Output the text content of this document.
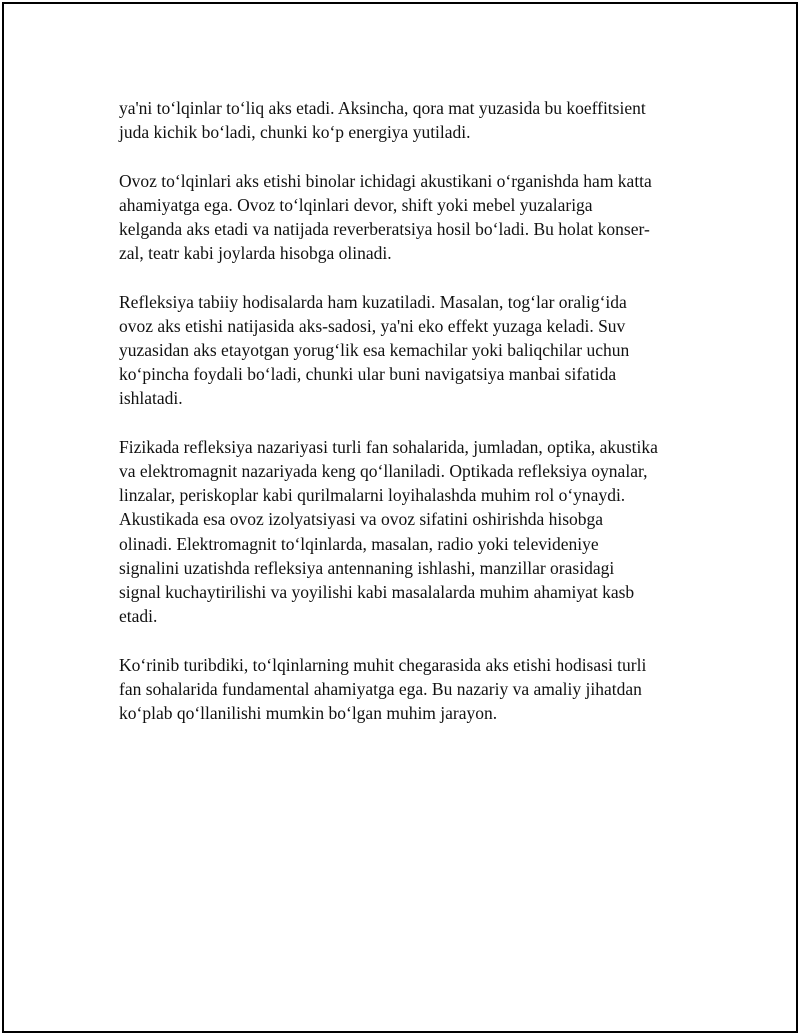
ya'ni to‘lqinlar to‘liq aks etadi. Aksincha, qora mat yuzasida bu koeffitsient
juda kichik bo‘ladi, chunki ko‘p energiya yutiladi.

Ovoz to‘lqinlari aks etishi binolar ichidagi akustikani o‘rganishda ham katta
ahamiyatga ega. Ovoz to‘lqinlari devor, shift yoki mebel yuzalariga
kelganda aks etadi va natijada reverberatsiya hosil bo‘ladi. Bu holat konser-
zal, teatr kabi joylarda hisobga olinadi.

Refleksiya tabiiy hodisalarda ham kuzatiladi. Masalan, tog‘lar oralig‘ida
ovoz aks etishi natijasida aks-sadosi, ya'ni eko effekt yuzaga keladi. Suv
yuzasidan aks etayotgan yorug‘lik esa kemachilar yoki baliqchilar uchun
ko‘pincha foydali bo‘ladi, chunki ular buni navigatsiya manbai sifatida
ishlatadi.

Fizikada refleksiya nazariyasi turli fan sohalarida, jumladan, optika, akustika
va elektromagnit nazariyada keng qo‘llaniladi. Optikada refleksiya oynalar,
linzalar, periskoplar kabi qurilmalarni loyihalashda muhim rol o‘ynaydi.
Akustikada esa ovoz izolyatsiyasi va ovoz sifatini oshirishda hisobga
olinadi. Elektromagnit to‘lqinlarda, masalan, radio yoki televideniye
signalini uzatishda refleksiya antennaning ishlashi, manzillar orasidagi
signal kuchaytirilishi va yoyilishi kabi masalalarda muhim ahamiyat kasb
etadi.

Ko‘rinib turibdiki, to‘lqinlarning muhit chegarasida aks etishi hodisasi turli
fan sohalarida fundamental ahamiyatga ega. Bu nazariy va amaliy jihatdan
ko‘plab qo‘llanilishi mumkin bo‘lgan muhim jarayon.
